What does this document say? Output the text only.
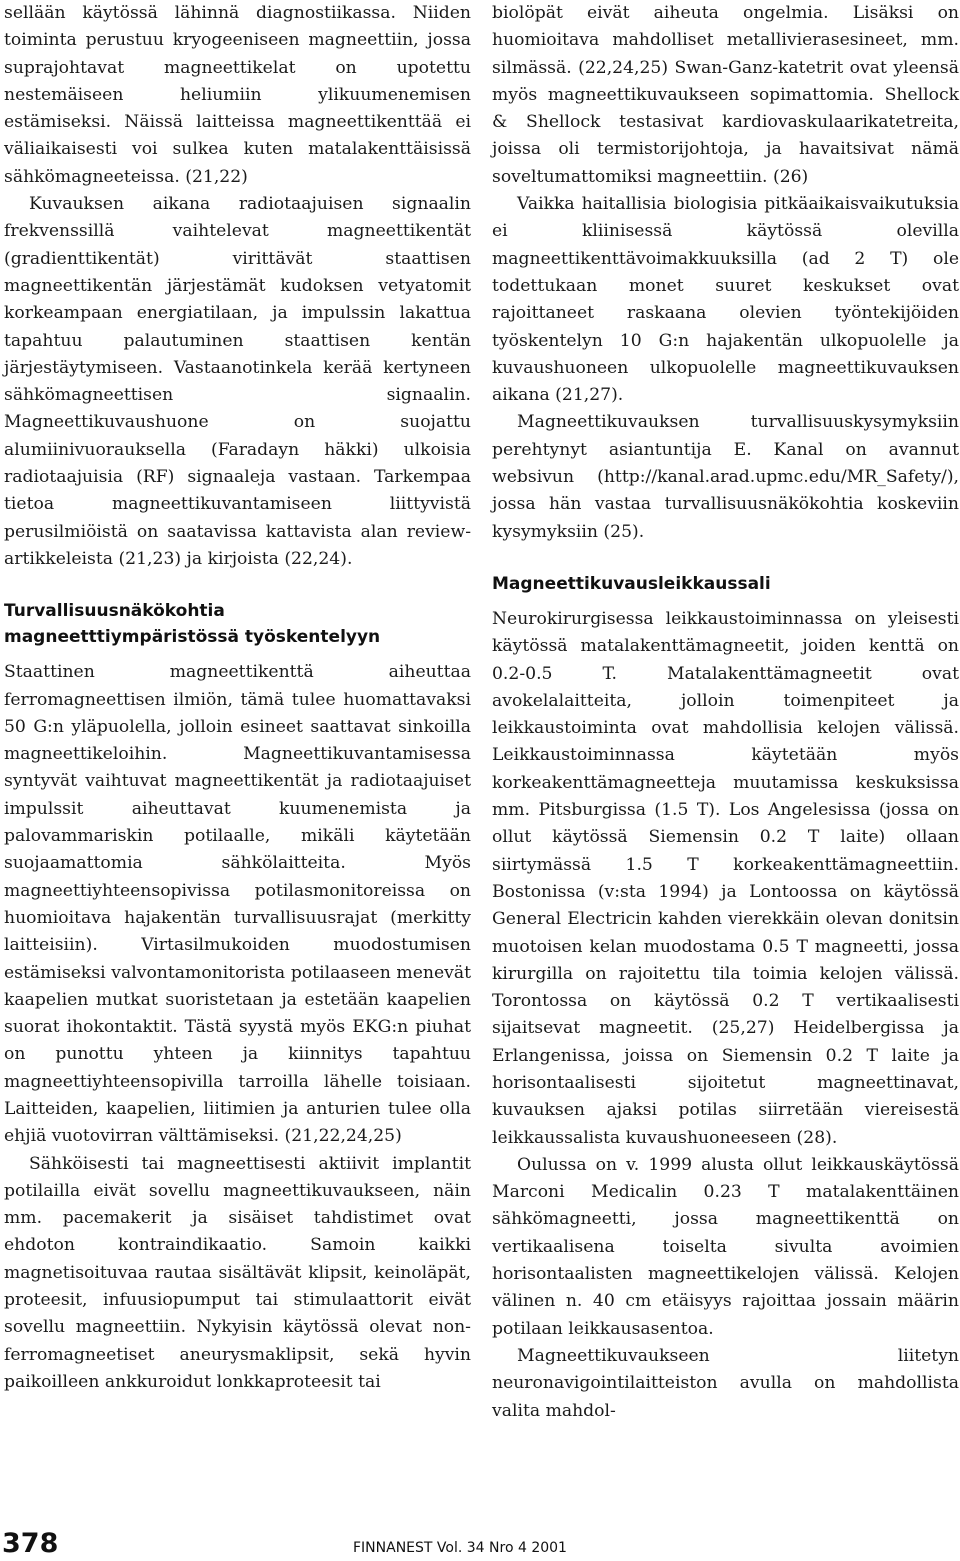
sellään käytössä lähinnä diagnostiikassa. Niiden toiminta perustuu kryogeeniseen magneettiin, jossa suprajohtavat magneettikelat on upotettu nestemäiseen heliumiin ylikuumenemisen estämiseksi. Näissä laitteissa magneettikenttää ei väliaikaisesti voi sulkea kuten matalakenttäisissä sähkömagneeteissa. (21,22)

Kuvauksen aikana radiotaajuisen signaalin frekvenssillä vaihtelevat magneettikentät (gradienttikentät) virittävät staattisen magneettikentän järjestämät kudoksen vetyatomit korkeampaan energiatilaan, ja impulssin lakattua tapahtuu palautuminen staattisen kentän järjestäytymiseen. Vastaanotinkela kerää kertyneen sähkömagneettisen signaalin. Magneettikuvaushuone on suojattu alumiinivuorauksella (Faradayn häkki) ulkoisia radiotaajuisia (RF) signaaleja vastaan. Tarkempaa tietoa magneettikuvantamiseen liittyvistä perusilmiöistä on saatavissa kattavista alan review-artikkeleista (21,23) ja kirjoista (22,24).

Turvallisuusnäkökohtia
magneetttiympäristössä työskentelyyn

Staattinen magneettikenttä aiheuttaa ferromagneettisen ilmiön, tämä tulee huomattavaksi 50 G:n yläpuolella, jolloin esineet saattavat sinkoilla magneettikeloihin. Magneettikuvantamisessa syntyvät vaihtuvat magneettikentät ja radiotaajuiset impulssit aiheuttavat kuumenemista ja palovammariskin potilaalle, mikäli käytetään suojaamattomia sähkölaitteita. Myös magneettiyhteensopivissa potilasmonitoreissa on huomioitava hajakentän turvallisuusrajat (merkitty laitteisiin). Virtasilmukoiden muodostumisen estämiseksi valvontamonitorista potilaaseen menevät kaapelien mutkat suoristetaan ja estetään kaapelien suorat ihokontaktit. Tästä syystä myös EKG:n piuhat on punottu yhteen ja kiinnitys tapahtuu magneettiyhteensopivilla tarroilla lähelle toisiaan. Laitteiden, kaapelien, liitimien ja anturien tulee olla ehjiä vuotovirran välttämiseksi. (21,22,24,25)

Sähköisesti tai magneettisesti aktiivit implantit potilailla eivät sovellu magneettikuvaukseen, näin mm. pacemakerit ja sisäiset tahdistimet ovat ehdoton kontraindikaatio. Samoin kaikki magnetisoituvaa rautaa sisältävät klipsit, keinoläpät, proteesit, infuusiopumput tai stimulaattorit eivät sovellu magneettiin. Nykyisin käytössä olevat non-ferromagneetiset aneurysmaklipsit, sekä hyvin paikoilleen ankkuroidut lonkkaproteesit tai

biolöpät eivät aiheuta ongelmia. Lisäksi on huomioitava mahdolliset metallivierasesineet, mm. silmässä. (22,24,25) Swan-Ganz-katetrit ovat yleensä myös magneettikuvaukseen sopimattomia. Shellock & Shellock testasivat kardiovaskulaarikatetreita, joissa oli termistorijohtoja, ja havaitsivat nämä soveltumattomiksi magneettiin. (26)

Vaikka haitallisia biologisia pitkäaikaisvaikutuksia ei kliinisessä käytössä olevilla magneettikenttävoimakkuuksilla (ad 2 T) ole todettukaan monet suuret keskukset ovat rajoittaneet raskaana olevien työntekijöiden työskentelyn 10 G:n hajakentän ulkopuolelle ja kuvaushuoneen ulkopuolelle magneettikuvauksen aikana (21,27).

Magneettikuvauksen turvallisuuskysymyksiin perehtynyt asiantuntija E. Kanal on avannut websivun (http://kanal.arad.upmc.edu/MR_Safety/), jossa hän vastaa turvallisuusnäkökohtia koskeviin kysymyksiin (25).

Magneettikuvausleikkaussali

Neurokirurgisessa leikkaustoiminnassa on yleisesti käytössä matalakenttämagneetit, joiden kenttä on 0.2-0.5 T. Matalakenttämagneetit ovat avokelalaitteita, jolloin toimenpiteet ja leikkaustoiminta ovat mahdollisia kelojen välissä. Leikkaustoiminnassa käytetään myös korkeakenttämagneetteja muutamissa keskuksissa mm. Pitsburgissa (1.5 T). Los Angelesissa (jossa on ollut käytössä Siemensin 0.2 T laite) ollaan siirtymässä 1.5 T korkeakenttämagneettiin. Bostonissa (v:sta 1994) ja Lontoossa on käytössä General Electricin kahden vierekkäin olevan donitsin muotoisen kelan muodostama 0.5 T magneetti, jossa kirurgilla on rajoitettu tila toimia kelojen välissä. Torontossa on käytössä 0.2 T vertikaalisesti sijaitsevat magneetit. (25,27) Heidelbergissa ja Erlangenissa, joissa on Siemensin 0.2 T laite ja horisontaalisesti sijoitetut magneettinavat, kuvauksen ajaksi potilas siirretään viereisestä leikkaussalista kuvaushuoneeseen (28).

Oulussa on v. 1999 alusta ollut leikkauskäytössä Marconi Medicalin 0.23 T matalakenttäinen sähkömagneetti, jossa magneettikenttä on vertikaalisena toiselta sivulta avoimien horisontaalisten magneettikelojen välissä. Kelojen välinen n. 40 cm etäisyys rajoittaa jossain määrin potilaan leikkausasentoa.

Magneettikuvaukseen liitetyn neuronavigointilaitteiston avulla on mahdollista valita mahdol-

378	FINNANEST Vol. 34 Nro 4 2001
